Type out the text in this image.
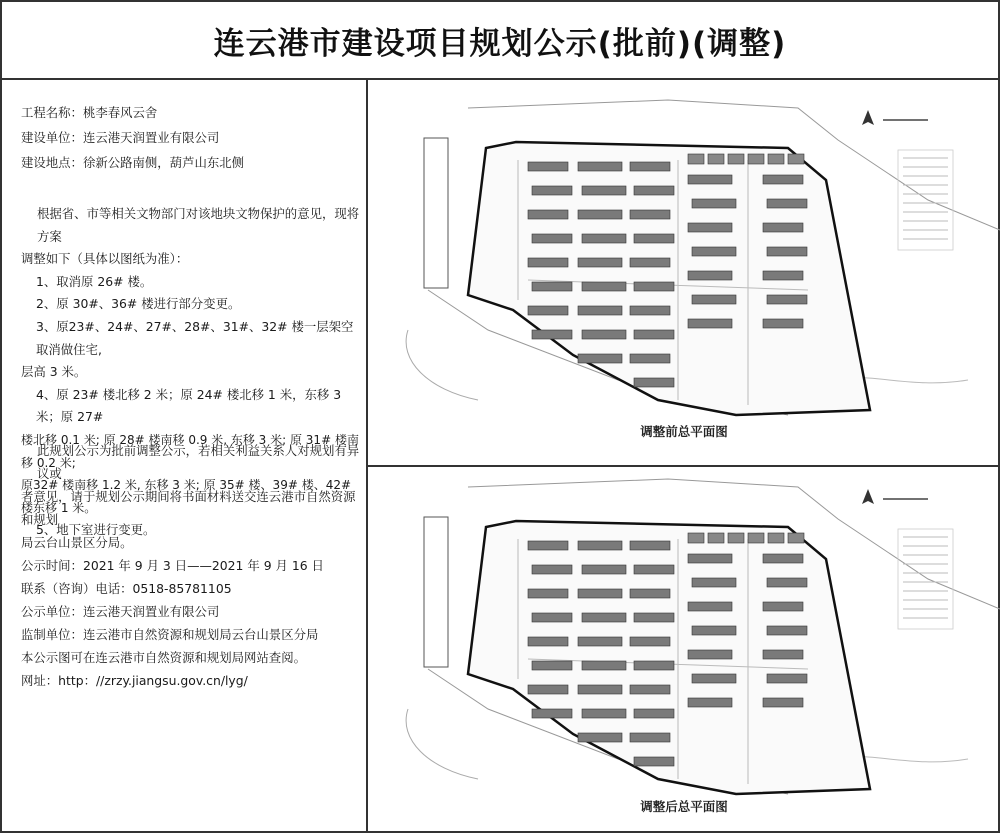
连云港市建设项目规划公示(批前)(调整)
工程名称：桃李春风云舍
建设单位：连云港天润置业有限公司
建设地点：徐新公路南侧，葫芦山东北侧
根据省、市等相关文物部门对该地块文物保护的意见，现将方案
调整如下（具体以图纸为准）：
1、取消原 26# 楼。
2、原 30#、36# 楼进行部分变更。
3、原23#、24#、27#、28#、31#、32# 楼一层架空取消做住宅,
层高 3 米。
4、原 23# 楼北移 2 米；原 24# 楼北移 1 米，东移 3 米；原 27#
楼北移 0.1 米; 原 28# 楼南移 0.9 米, 东移 3 米; 原 31# 楼南移 0.2 米;
原32# 楼南移 1.2 米, 东移 3 米; 原 35# 楼、39# 楼、42# 楼东移 1 米。
5、地下室进行变更。
此规划公示为批前调整公示，若相关利益关系人对规划有异议或
者意见，请于规划公示期间将书面材料送交连云港市自然资源和规划
局云台山景区分局。
公示时间：2021 年 9 月 3 日——2021 年 9 月 16 日
联系（咨询）电话：0518-85781105
公示单位：连云港天润置业有限公司
监制单位：连云港市自然资源和规划局云台山景区分局
本公示图可在连云港市自然资源和规划局网站查阅。
网址：http：//zrzy.jiangsu.gov.cn/lyg/
调整前总平面图
调整后总平面图
